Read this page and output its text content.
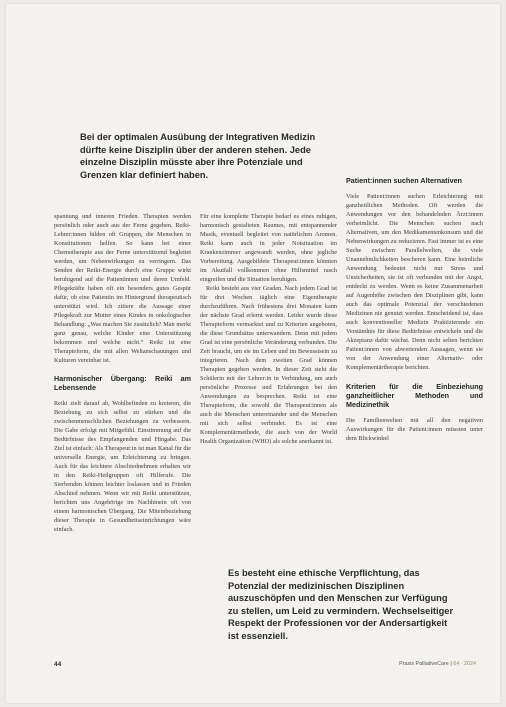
Bei der optimalen Ausübung der Integrativen Medizin dürfte keine Disziplin über der anderen stehen. Jede einzelne Disziplin müsste aber ihre Potenziale und Grenzen klar definiert haben.

spannung und inneren Frieden. Therapien werden persönlich oder auch aus der Ferne gegeben. Reiki-Lehrer:innen bilden oft Gruppen, die Menschen in Konstitutionen helfen. So kann bei einer Chemotherapie aus der Ferne unterstützend begleitet werden, um Nebenwirkungen zu verringern. Das Senden der Reiki-Energie durch eine Gruppe wirkt beruhigend auf die Patientinnen und deren Umfeld. Pflegekräfte haben oft ein besonders gutes Gespür dafür, ob eine Patientin im Hintergrund therapeutisch unterstützt wird. Ich zitiere die Aussage einer Pflegekraft zur Mutter eines Kindes in onkologischer Behandlung: „Was machen Sie zusätzlich? Man merkt ganz genau, welche Kinder eine Unterstützung bekommen und welche nicht.“ Reiki ist eine Therapieform, die mit allen Weltanschauungen und Kulturen vereinbar ist.

Harmonischer Übergang: Reiki am Lebensende

Reiki zielt darauf ab, Wohlbefinden zu kreieren, die Beziehung zu sich selbst zu stärken und die zwischenmenschlichen Beziehungen zu verbessern. Die Gabe erfolgt mit Mitgefühl. Einstimmung auf die Bedürfnisse des Empfangenden und Hingabe. Das Ziel ist einfach: Als Therapeut:in ist man Kanal für die universelle Energie, um Erleichterung zu bringen. Auch für das leichtere Abschiednehmen erhalten wir in den Reiki-Heilgruppen oft Hilferufe. Die Sterbenden können leichter loslassen und in Frieden Abschied nehmen. Wenn wir mit Reiki unterstützen, berichten uns Angehörige im Nachhinein oft von einem harmonischen Übergang. Die Miteinbeziehung dieser Therapie in Gesundheitseinrichtungen wäre einfach.

Für eine komplette Therapie bedarf es eines ruhigen, harmonisch gestalteten Raumes, mit entspannender Musik, eventuell begleitet von natürlichen Aromen. Reiki kann auch in jeder Notsituation im Krankenzimmer angewandt werden, ohne jegliche Vorbereitung. Ausgebildete Therapeut:innen könnten im Akutfall vollkommen ohne Hilfsmittel rasch eingreifen und die Situation beruhigen.

Reiki besteht aus vier Graden. Nach jedem Grad ist für drei Wochen täglich eine Eigentherapie durchzuführen. Nach frühestens drei Monaten kann der nächste Grad erlernt werden. Leider wurde diese Therapieform vermarktet und zu Kriterien angeboten, die diese Grundsätze unterwandern. Denn mit jedem Grad ist eine persönliche Veränderung verbunden. Die Zeit braucht, um sie im Leben und im Bewusstsein zu integrieren. Nach dem zweiten Grad können Therapien gegeben werden. In dieser Zeit steht die Schülerin mit der Lehrer:in in Verbindung, um auch persönliche Prozesse und Erfahrungen bei den Anwendungen zu besprechen. Reiki ist eine Therapieform, die sowohl die Therapeut:innen als auch die Menschen untereinander und die Menschen mit sich selbst verbindet. Es ist eine Komplementärmethode, die auch von der World Health Organization (WHO) als solche anerkannt ist.

Patient:innen suchen Alternativen

Viele Patient:innen suchen Erleichterung mit ganzheitlichen Methoden. Oft werden die Anwendungen vor den behandelnden Ärzt:innen verheimlicht. Die Menschen suchen nach Alternativen, um den Medikamentenkonsum und die Nebenwirkungen zu reduzieren. Fast immer ist es eine Suche zwischen Parallelwelten, die viele Unannehmlichkeiten bescheren kann. Eine heimliche Anwendung bedeutet nicht nur Stress und Unsicherheiten, sie ist oft verbunden mit der Angst, entdeckt zu werden. Wenn es keine Zusammenarbeit auf Augenhöhe zwischen den Disziplinen gibt, kann auch das optimale Potenzial der verschiedenen Medizinen nie genutzt werden. Entscheidend ist, dass auch konventioneller Medizin Praktizierende ein Verständnis für diese Bedürfnisse entwickeln und die Akzeptanz dafür wächst. Denn nicht selten berichten Patient:innen von abwertenden Aussagen, wenn sie von der Anwendung einer Alternativ- oder Komplementärtherapie berichten.

Kriterien für die Einbeziehung ganzheitlicher Methoden und Medizinethik

Die Familienwelten mit all den negativen Auswirkungen für die Patient:innen müssten unter dem Blickwinkel

Es besteht eine ethische Verpflichtung, das Potenzial der medizinischen Disziplinen auszuschöpfen und den Menschen zur Verfügung zu stellen, um Leid zu vermindern. Wechselseitiger Respekt der Professionen vor der Andersartigkeit ist essenziell.

44	Praxis PalliativeCare | 64 · 2024
